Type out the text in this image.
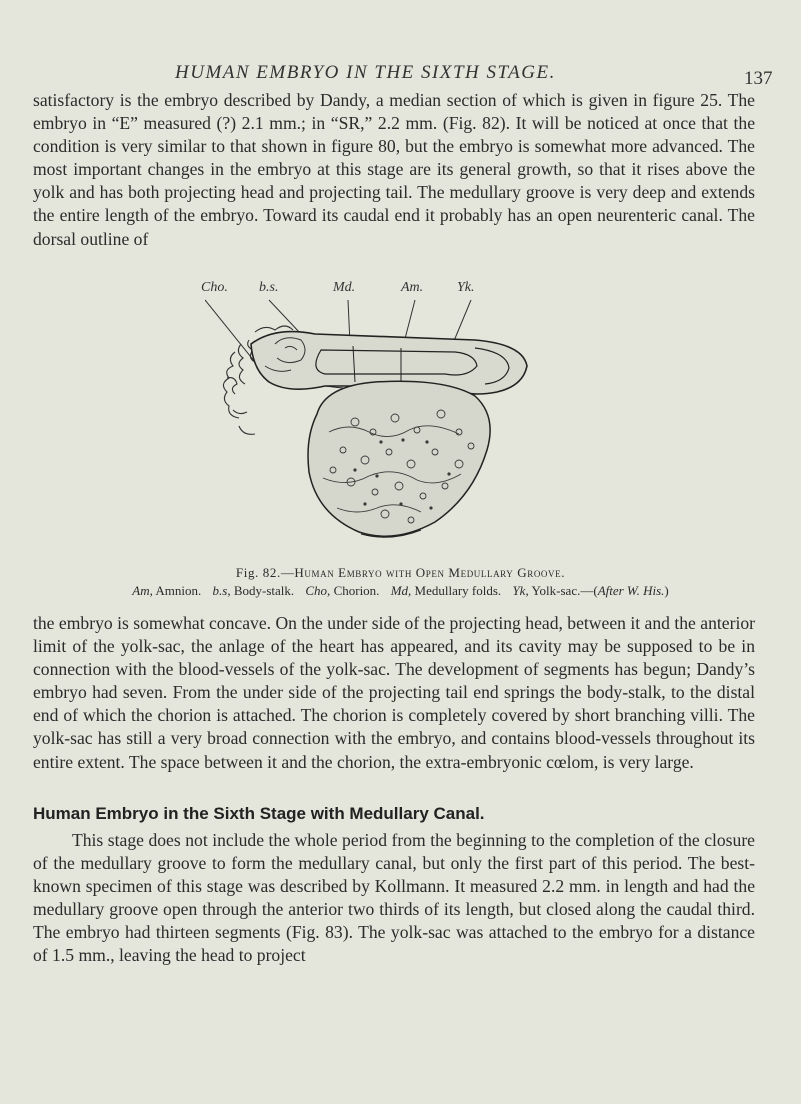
HUMAN EMBRYO IN THE SIXTH STAGE.	137

satisfactory is the embryo described by Dandy, a median section of which is given in figure 25. The embryo in “E” measured (?) 2.1 mm.; in “SR,” 2.2 mm. (Fig. 82). It will be noticed at once that the condition is very similar to that shown in figure 80, but the embryo is somewhat more advanced. The most important changes in the embryo at this stage are its general growth, so that it rises above the yolk and has both projecting head and projecting tail. The medullary groove is very deep and extends the entire length of the embryo. Toward its caudal end it probably has an open neurenteric canal. The dorsal outline of

Cho. b.s.	Md.	Am. Yk.
Fig. 82.—Human Embryo with Open Medullary Groove.
Am, Amnion. b.s, Body-stalk. Cho, Chorion. Md, Medullary folds. Yk, Yolk-sac.—(After W. His.)

the embryo is somewhat concave. On the under side of the projecting head, between it and the anterior limit of the yolk-sac, the anlage of the heart has appeared, and its cavity may be supposed to be in connection with the blood-vessels of the yolk-sac. The development of segments has begun; Dandy’s embryo had seven. From the under side of the projecting tail end springs the body-stalk, to the distal end of which the chorion is attached. The chorion is completely covered by short branching villi. The yolk-sac has still a very broad connection with the embryo, and contains blood-vessels throughout its entire extent. The space between it and the chorion, the extra-embryonic cœlom, is very large.

Human Embryo in the Sixth Stage with Medullary Canal.

This stage does not include the whole period from the beginning to the completion of the closure of the medullary groove to form the medullary canal, but only the first part of this period. The best-known specimen of this stage was described by Kollmann. It measured 2.2 mm. in length and had the medullary groove open through the anterior two thirds of its length, but closed along the caudal third. The embryo had thirteen segments (Fig. 83). The yolk-sac was attached to the embryo for a distance of 1.5 mm., leaving the head to project
